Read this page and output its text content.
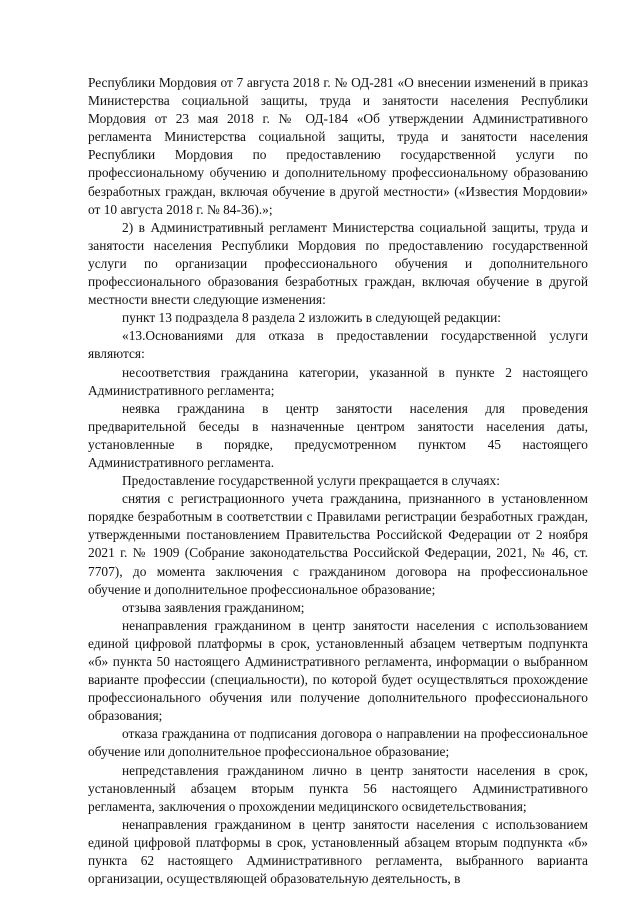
Республики Мордовия от 7 августа 2018 г. № ОД-281 «О внесении изменений в приказ Министерства социальной защиты, труда и занятости населения Республики Мордовия от 23 мая 2018 г. № ОД-184 «Об утверждении Административного регламента Министерства социальной защиты, труда и занятости населения Республики Мордовия по предоставлению государственной услуги по профессиональному обучению и дополнительному профессиональному образованию безработных граждан, включая обучение в другой местности» («Известия Мордовии» от 10 августа 2018 г. № 84-36).»;

2) в Административный регламент Министерства социальной защиты, труда и занятости населения Республики Мордовия по предоставлению государственной услуги по организации профессионального обучения и дополнительного профессионального образования безработных граждан, включая обучение в другой местности внести следующие изменения:

пункт 13 подраздела 8 раздела 2 изложить в следующей редакции:

«13.Основаниями для отказа в предоставлении государственной услуги являются:

несоответствия гражданина категории, указанной в пункте 2 настоящего Административного регламента;

неявка гражданина в центр занятости населения для проведения предварительной беседы в назначенные центром занятости населения даты, установленные в порядке, предусмотренном пунктом 45 настоящего Административного регламента.

Предоставление государственной услуги прекращается в случаях:

снятия с регистрационного учета гражданина, признанного в установленном порядке безработным в соответствии с Правилами регистрации безработных граждан, утвержденными постановлением Правительства Российской Федерации от 2 ноября 2021 г. № 1909 (Собрание законодательства Российской Федерации, 2021, № 46, ст. 7707), до момента заключения с гражданином договора на профессиональное обучение и дополнительное профессиональное образование;

отзыва заявления гражданином;

ненаправления гражданином в центр занятости населения с использованием единой цифровой платформы в срок, установленный абзацем четвертым подпункта «б» пункта 50 настоящего Административного регламента, информации о выбранном варианте профессии (специальности), по которой будет осуществляться прохождение профессионального обучения или получение дополнительного профессионального образования;

отказа гражданина от подписания договора о направлении на профессиональное обучение или дополнительное профессиональное образование;

непредставления гражданином лично в центр занятости населения в срок, установленный абзацем вторым пункта 56 настоящего Административного регламента, заключения о прохождении медицинского освидетельствования;

ненаправления гражданином в центр занятости населения с использованием единой цифровой платформы в срок, установленный абзацем вторым подпункта «б» пункта 62 настоящего Административного регламента, выбранного варианта организации, осуществляющей образовательную деятельность, в
